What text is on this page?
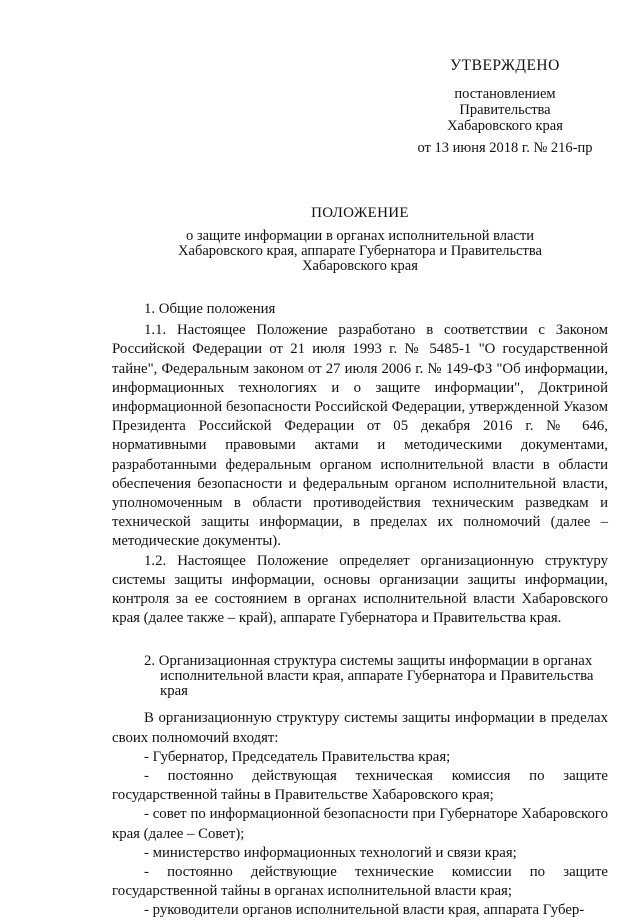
УТВЕРЖДЕНО
постановлением
Правительства
Хабаровского края
от 13 июня 2018 г. № 216-пр
ПОЛОЖЕНИЕ
о защите информации в органах исполнительной власти
Хабаровского края, аппарате Губернатора и Правительства
Хабаровского края

1. Общие положения

1.1. Настоящее Положение разработано в соответствии с Законом Российской Федерации от 21 июля 1993 г. № 5485-1 "О государственной тайне", Федеральным законом от 27 июля 2006 г. № 149-ФЗ "Об информации, информационных технологиях и о защите информации", Доктриной информационной безопасности Российской Федерации, утвержденной Указом Президента Российской Федерации от 05 декабря 2016 г. № 646, нормативными правовыми актами и методическими документами, разработанными федеральным органом исполнительной власти в области обеспечения безопасности и федеральным органом исполнительной власти, уполномоченным в области противодействия техническим разведкам и технической защиты информации, в пределах их полномочий (далее – методические документы).

1.2. Настоящее Положение определяет организационную структуру системы защиты информации, основы организации защиты информации, контроля за ее состоянием в органах исполнительной власти Хабаровского края (далее также – край), аппарате Губернатора и Правительства края.

2. Организационная структура системы защиты информации в органах исполнительной власти края, аппарате Губернатора и Правительства края

В организационную структуру системы защиты информации в пределах своих полномочий входят:

- Губернатор, Председатель Правительства края;

- постоянно действующая техническая комиссия по защите государственной тайны в Правительстве Хабаровского края;

- совет по информационной безопасности при Губернаторе Хабаровского края (далее – Совет);

- министерство информационных технологий и связи края;

- постоянно действующие технические комиссии по защите государственной тайны в органах исполнительной власти края;

- руководители органов исполнительной власти края, аппарата Губер-
